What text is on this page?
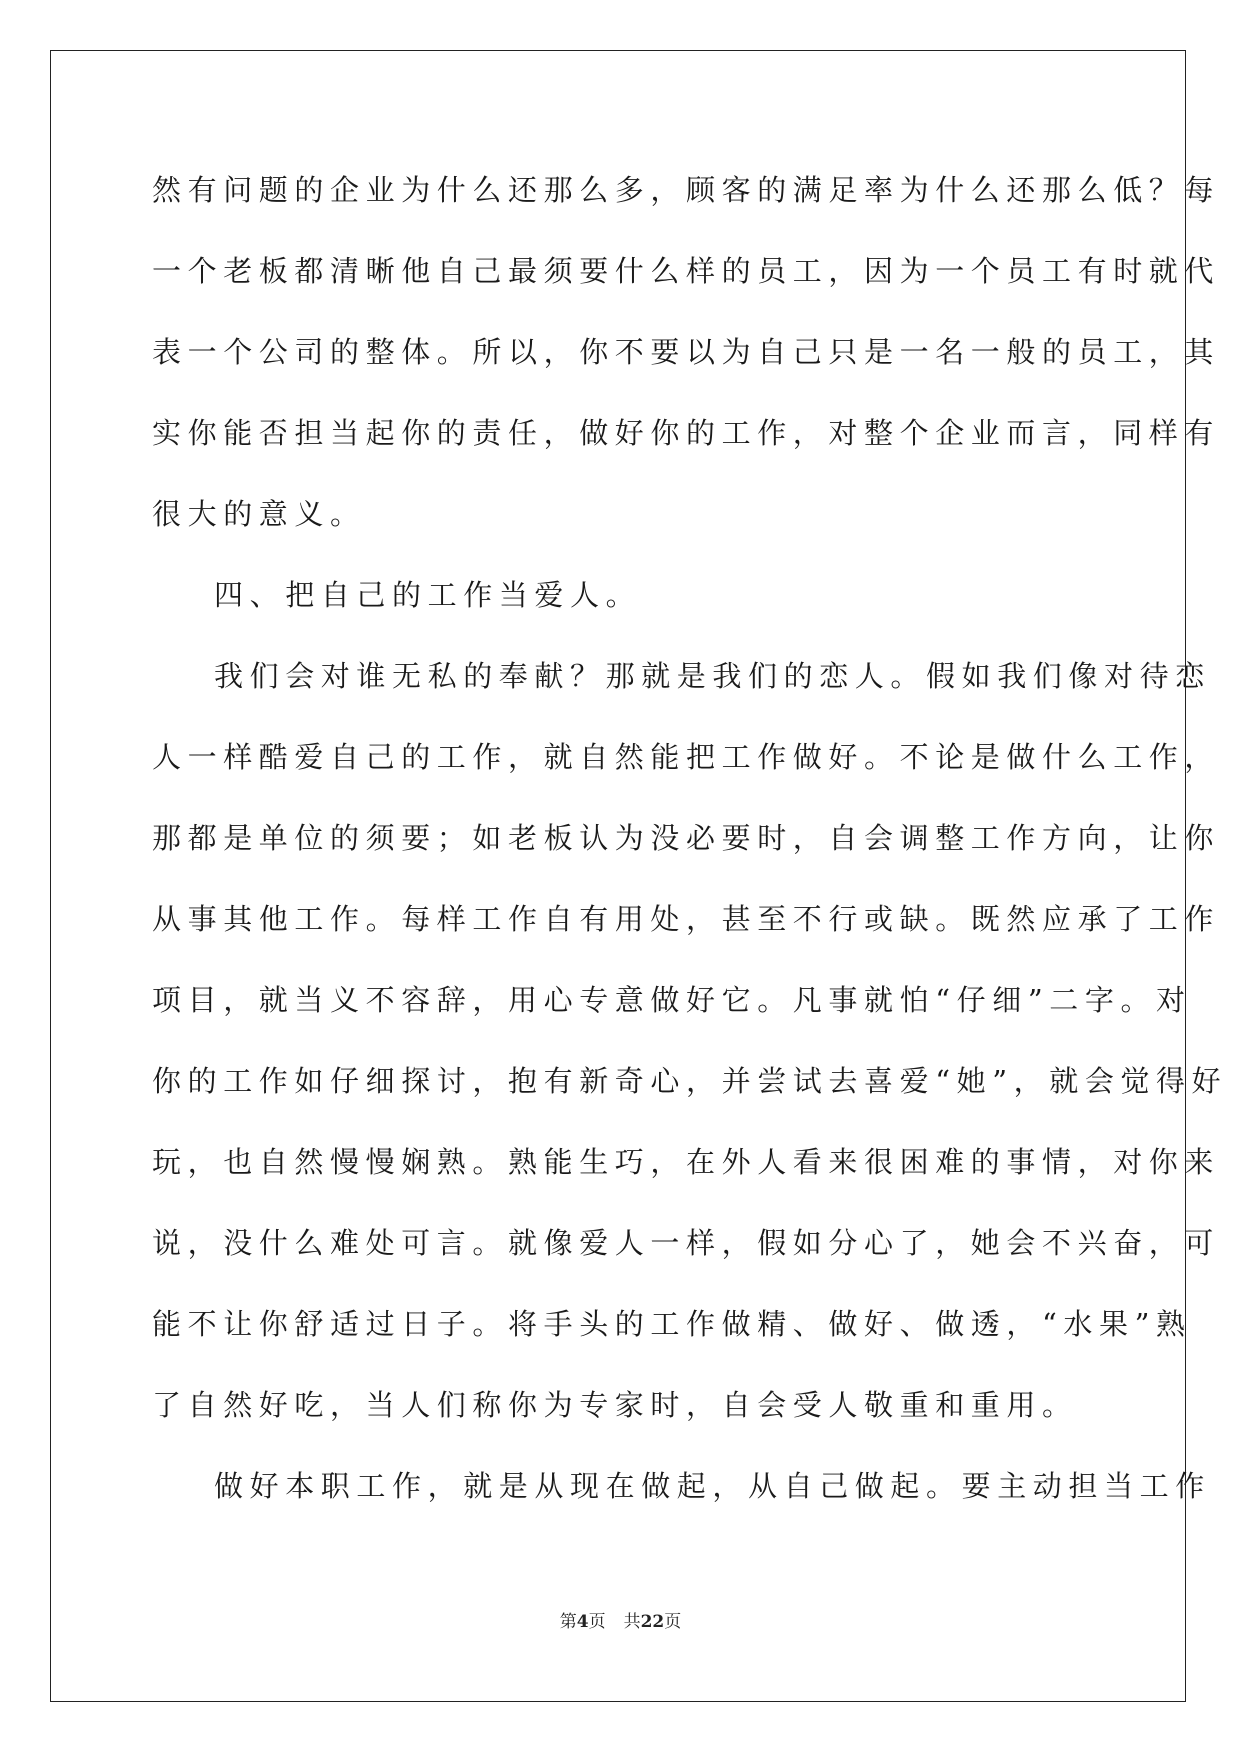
然有问题的企业为什么还那么多，顾客的满足率为什么还那么低？每
一个老板都清晰他自己最须要什么样的员工，因为一个员工有时就代
表一个公司的整体。所以，你不要以为自己只是一名一般的员工，其
实你能否担当起你的责任，做好你的工作，对整个企业而言，同样有
很大的意义。
四、把自己的工作当爱人。
我们会对谁无私的奉献？那就是我们的恋人。假如我们像对待恋
人一样酷爱自己的工作，就自然能把工作做好。不论是做什么工作，
那都是单位的须要；如老板认为没必要时，自会调整工作方向，让你
从事其他工作。每样工作自有用处，甚至不行或缺。既然应承了工作
项目，就当义不容辞，用心专意做好它。凡事就怕“仔细”二字。对
你的工作如仔细探讨，抱有新奇心，并尝试去喜爱“她”，就会觉得好
玩，也自然慢慢娴熟。熟能生巧，在外人看来很困难的事情，对你来
说，没什么难处可言。就像爱人一样，假如分心了，她会不兴奋，可
能不让你舒适过日子。将手头的工作做精、做好、做透，“水果”熟
了自然好吃，当人们称你为专家时，自会受人敬重和重用。
做好本职工作，就是从现在做起，从自己做起。要主动担当工作
第4页 共22页
